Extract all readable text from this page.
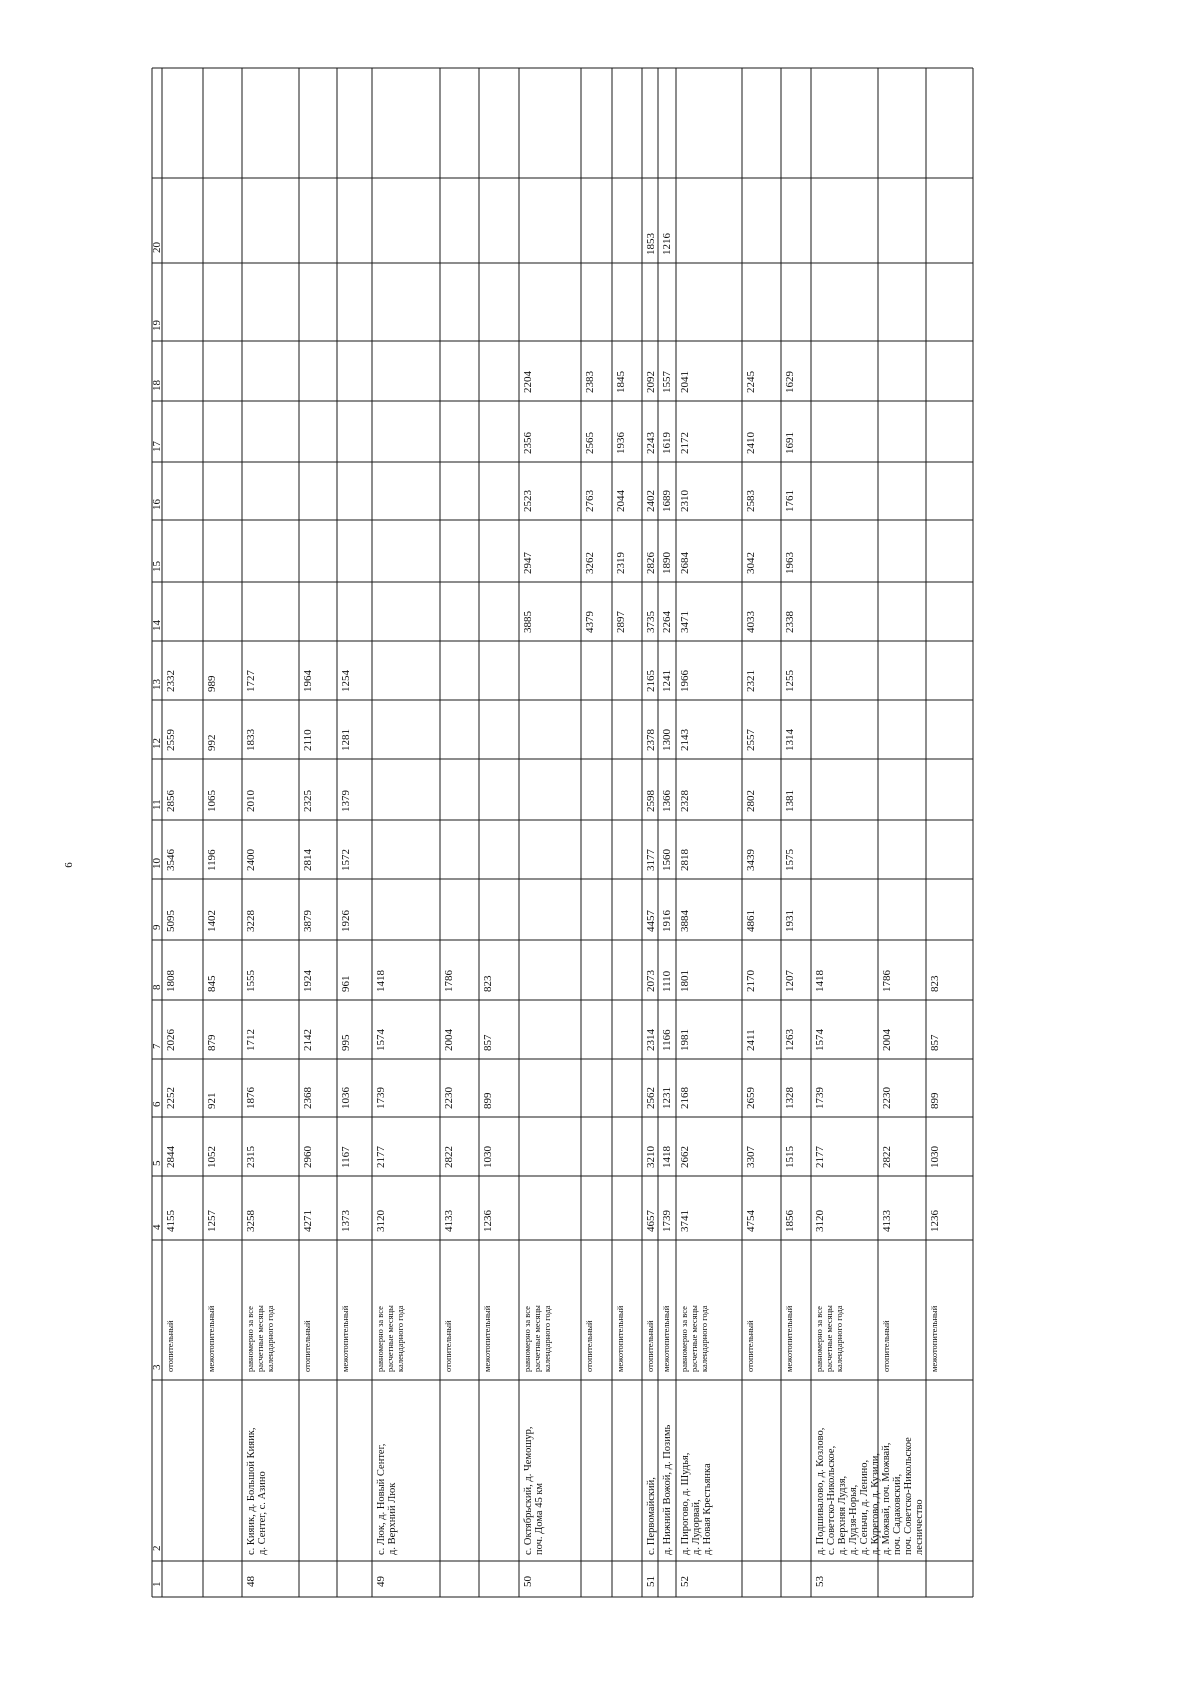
6
1
2
3
4
5
6
7
8
9
10
11
12
13
14
15
16
17
18
19
20
отопительный
4155
2844
2252
2026
1808
5095
3546
2856
2559
2332
межотопительный
1257
1052
921
879
845
1402
1196
1065
992
989
48
с. Кияик, д. Большой Кияик, д. Сентег, с. Азино
равномерно за все расчетные месяцы календарного года
3258
2315
1876
1712
1555
3228
2400
2010
1833
1727
отопительный
4271
2960
2368
2142
1924
3879
2814
2325
2110
1964
межотопительный
1373
1167
1036
995
961
1926
1572
1379
1281
1254
49
с. Люк, д. Новый Сентег, д. Верхний Люк
равномерно за все расчетные месяцы календарного года
3120
2177
1739
1574
1418
отопительный
4133
2822
2230
2004
1786
межотопительный
1236
1030
899
857
823
50
с. Октябрьский, д. Чемошур, поч. Дома 45 км
равномерно за все расчетные месяцы календарного года
3885
2947
2523
2356
2204
отопительный
4379
3262
2763
2565
2383
межотопительный
2897
2319
2044
1936
1845
51
с. Первомайский,
отопительный
4657
3210
2562
2314
2073
4457
3177
2598
2378
2165
3735
2826
2402
2243
2092
1853
д. Нижний Вожой, д. Позимь
межотопительный
1739
1418
1231
1166
1110
1916
1560
1366
1300
1241
2264
1890
1689
1619
1557
1216
52
д. Пирогово, д. Шудья, д. Лудорвай, д. Новая Крестьянка
равномерно за все расчетные месяцы календарного года
3741
2662
2168
1981
1801
3884
2818
2328
2143
1966
3471
2684
2310
2172
2041
отопительный
4754
3307
2659
2411
2170
4861
3439
2802
2557
2321
4033
3042
2583
2410
2245
межотопительный
1856
1515
1328
1263
1207
1931
1575
1381
1314
1255
2338
1963
1761
1691
1629
53
д. Подшивалово, д. Козлово, с. Советско-Никольское, д. Верхняя Лудзя, д. Лудзя-Норья, д. Сеньчи, д. Ленино, д. Курегово, д. Кузили, д. Можвай, поч. Можвай, поч. Садаковский, поч. Советско-Никольское лесничество
равномерно за все расчетные месяцы календарного года
3120
2177
1739
1574
1418
отопительный
4133
2822
2230
2004
1786
межотопительный
1236
1030
899
857
823
